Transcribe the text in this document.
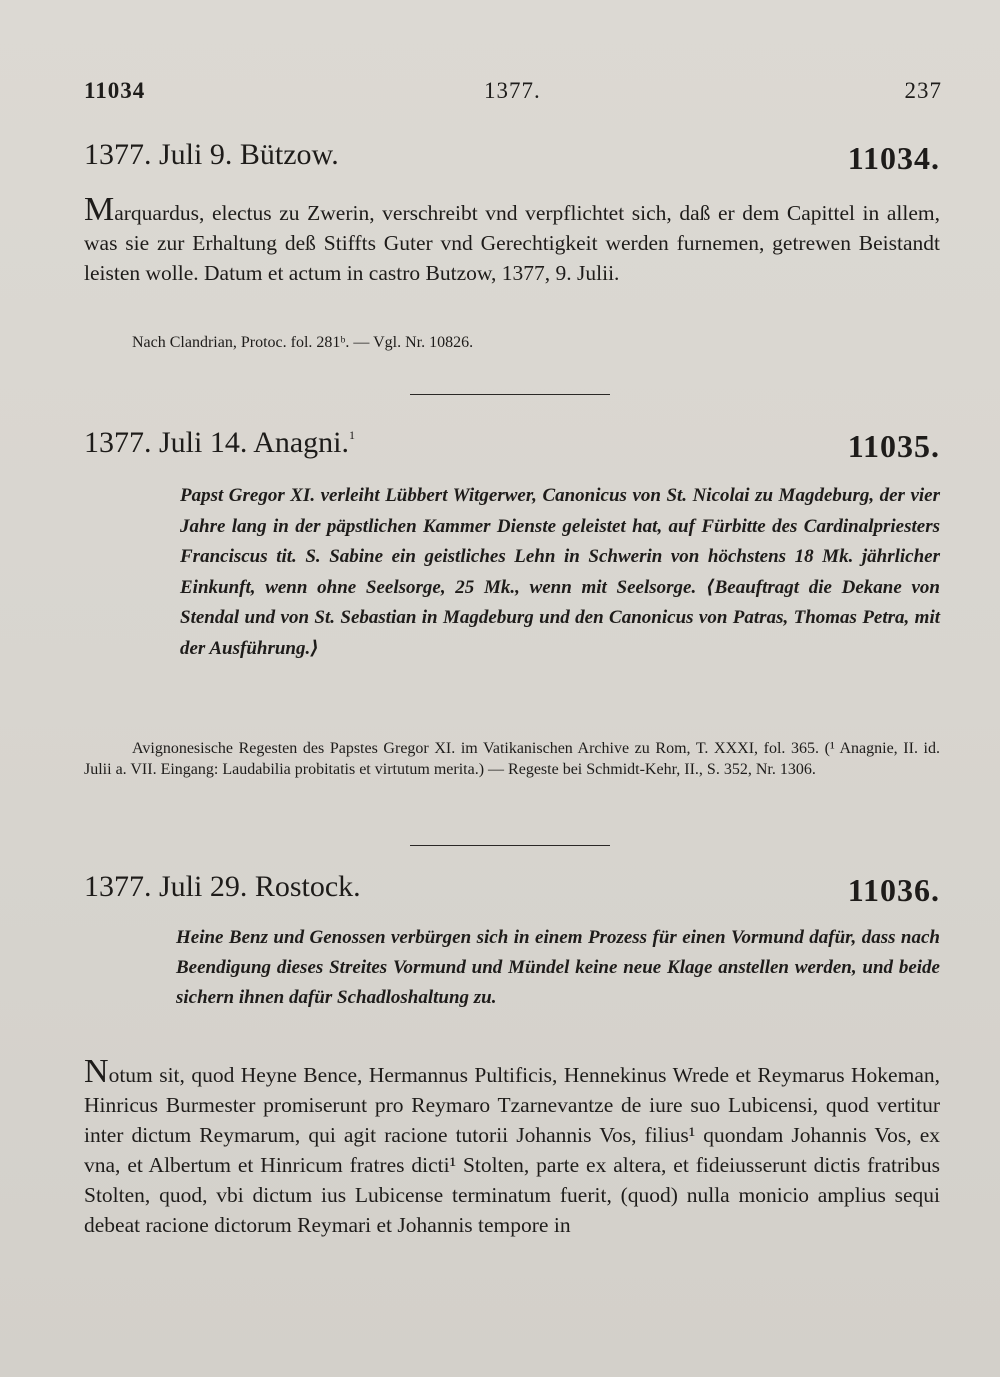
11034	1377.	237
1377. Juli 9. Bützow.	11034.
Marquardus, electus zu Zwerin, verschreibt vnd verpflichtet sich, daß er dem Capittel in allem, was sie zur Erhaltung deß Stiffts Guter vnd Gerechtigkeit werden furnemen, getrewen Beistandt leisten wolle. Datum et actum in castro Butzow, 1377, 9. Julii.
Nach Clandrian, Protoc. fol. 281ᵇ. — Vgl. Nr. 10826.
1377. Juli 14. Anagni.$^1$	11035.
Papst Gregor XI. verleiht Lübbert Witgerwer, Canonicus von St. Nicolai zu Magdeburg, der vier Jahre lang in der päpstlichen Kammer Dienste geleistet hat, auf Fürbitte des Cardinalpriesters Franciscus tit. S. Sabine ein geistliches Lehn in Schwerin von höchstens 18 Mk. jährlicher Einkunft, wenn ohne Seelsorge, 25 Mk., wenn mit Seelsorge. ⟨Beauftragt die Dekane von Stendal und von St. Sebastian in Magdeburg und den Canonicus von Patras, Thomas Petra, mit der Ausführung.⟩
Avignonesische Regesten des Papstes Gregor XI. im Vatikanischen Archive zu Rom, T. XXXI, fol. 365. (¹ Anagnie, II. id. Julii a. VII. Eingang: Laudabilia probitatis et virtutum merita.) — Regeste bei Schmidt-Kehr, II., S. 352, Nr. 1306.
1377. Juli 29. Rostock.	11036.
Heine Benz und Genossen verbürgen sich in einem Prozess für einen Vormund dafür, dass nach Beendigung dieses Streites Vormund und Mündel keine neue Klage anstellen werden, und beide sichern ihnen dafür Schadloshaltung zu.
Notum sit, quod Heyne Bence, Hermannus Pultificis, Hennekinus Wrede et Reymarus Hokeman, Hinricus Burmester promiserunt pro Reymaro Tzarnevantze de iure suo Lubicensi, quod vertitur inter dictum Reymarum, qui agit racione tutorii Johannis Vos, filius¹ quondam Johannis Vos, ex vna, et Albertum et Hinricum fratres dicti¹ Stolten, parte ex altera, et fideiusserunt dictis fratribus Stolten, quod, vbi dictum ius Lubicense terminatum fuerit, (quod) nulla monicio amplius sequi debeat racione dictorum Reymari et Johannis tempore in
